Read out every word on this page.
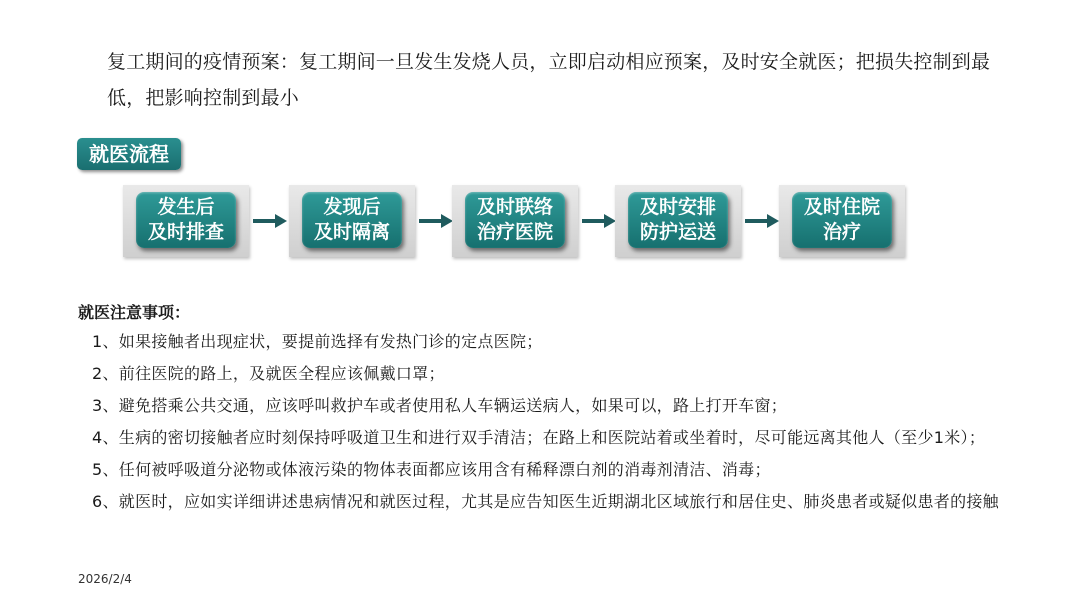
复工期间的疫情预案：复工期间一旦发生发烧人员，立即启动相应预案，及时安全就医；把损失控制到最低，把影响控制到最小
就医流程
发生后
及时排查
发现后
及时隔离
及时联络
治疗医院
及时安排
防护运送
及时住院
治疗
就医注意事项：
1、如果接触者出现症状，要提前选择有发热门诊的定点医院；
2、前往医院的路上，及就医全程应该佩戴口罩；
3、避免搭乘公共交通，应该呼叫救护车或者使用私人车辆运送病人，如果可以，路上打开车窗；
4、生病的密切接触者应时刻保持呼吸道卫生和进行双手清洁；在路上和医院站着或坐着时，尽可能远离其他人（至少1米）；
5、任何被呼吸道分泌物或体液污染的物体表面都应该用含有稀释漂白剂的消毒剂清洁、消毒；
6、就医时，应如实详细讲述患病情况和就医过程，尤其是应告知医生近期湖北区域旅行和居住史、肺炎患者或疑似患者的接触
2026/2/4
